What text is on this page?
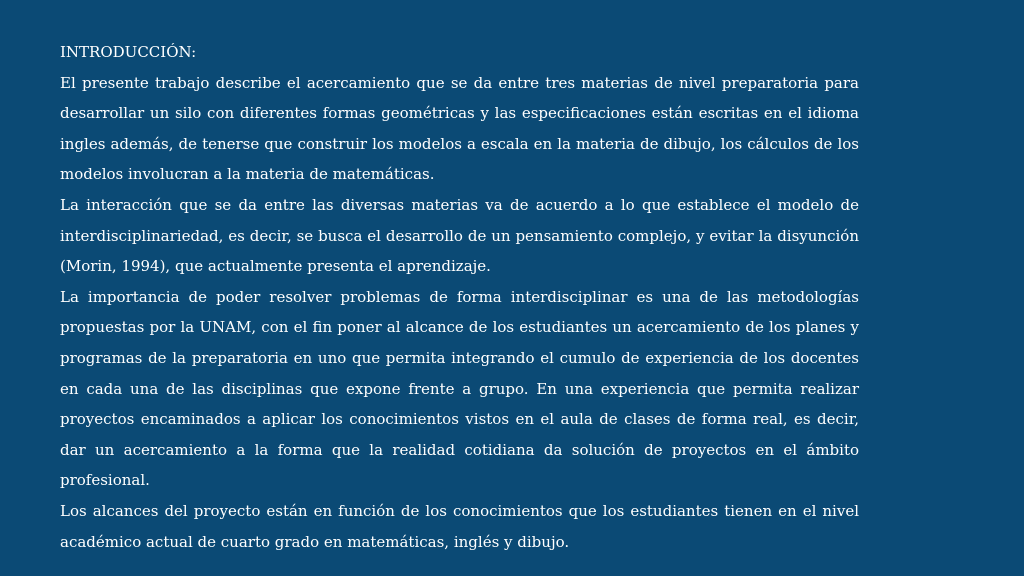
INTRODUCCIÓN:

El presente trabajo describe el acercamiento que se da entre tres materias de nivel preparatoria para desarrollar un silo con diferentes formas geométricas y las especificaciones están escritas en el idioma ingles además, de tenerse que construir los modelos a escala en la materia de dibujo, los cálculos de los modelos involucran a la materia de matemáticas.

La interacción que se da entre las diversas materias va de acuerdo a lo que establece el modelo de interdisciplinariedad, es decir, se busca el desarrollo de un pensamiento complejo, y evitar la disyunción (Morin, 1994), que actualmente presenta el aprendizaje.

La importancia de poder resolver problemas de forma interdisciplinar es una de las metodologías propuestas por la UNAM, con el fin poner al alcance de los estudiantes un acercamiento de los planes y programas de la preparatoria en uno que permita integrando el cumulo de experiencia de los docentes en cada una de las disciplinas que expone frente a grupo. En una experiencia que permita realizar proyectos encaminados a aplicar los conocimientos vistos en el aula de clases de forma real, es decir, dar un acercamiento a la forma que la realidad cotidiana da solución de proyectos en el ámbito profesional.

Los alcances del proyecto están en función de los conocimientos que los estudiantes tienen en el nivel académico actual de cuarto grado en matemáticas, inglés y dibujo.
